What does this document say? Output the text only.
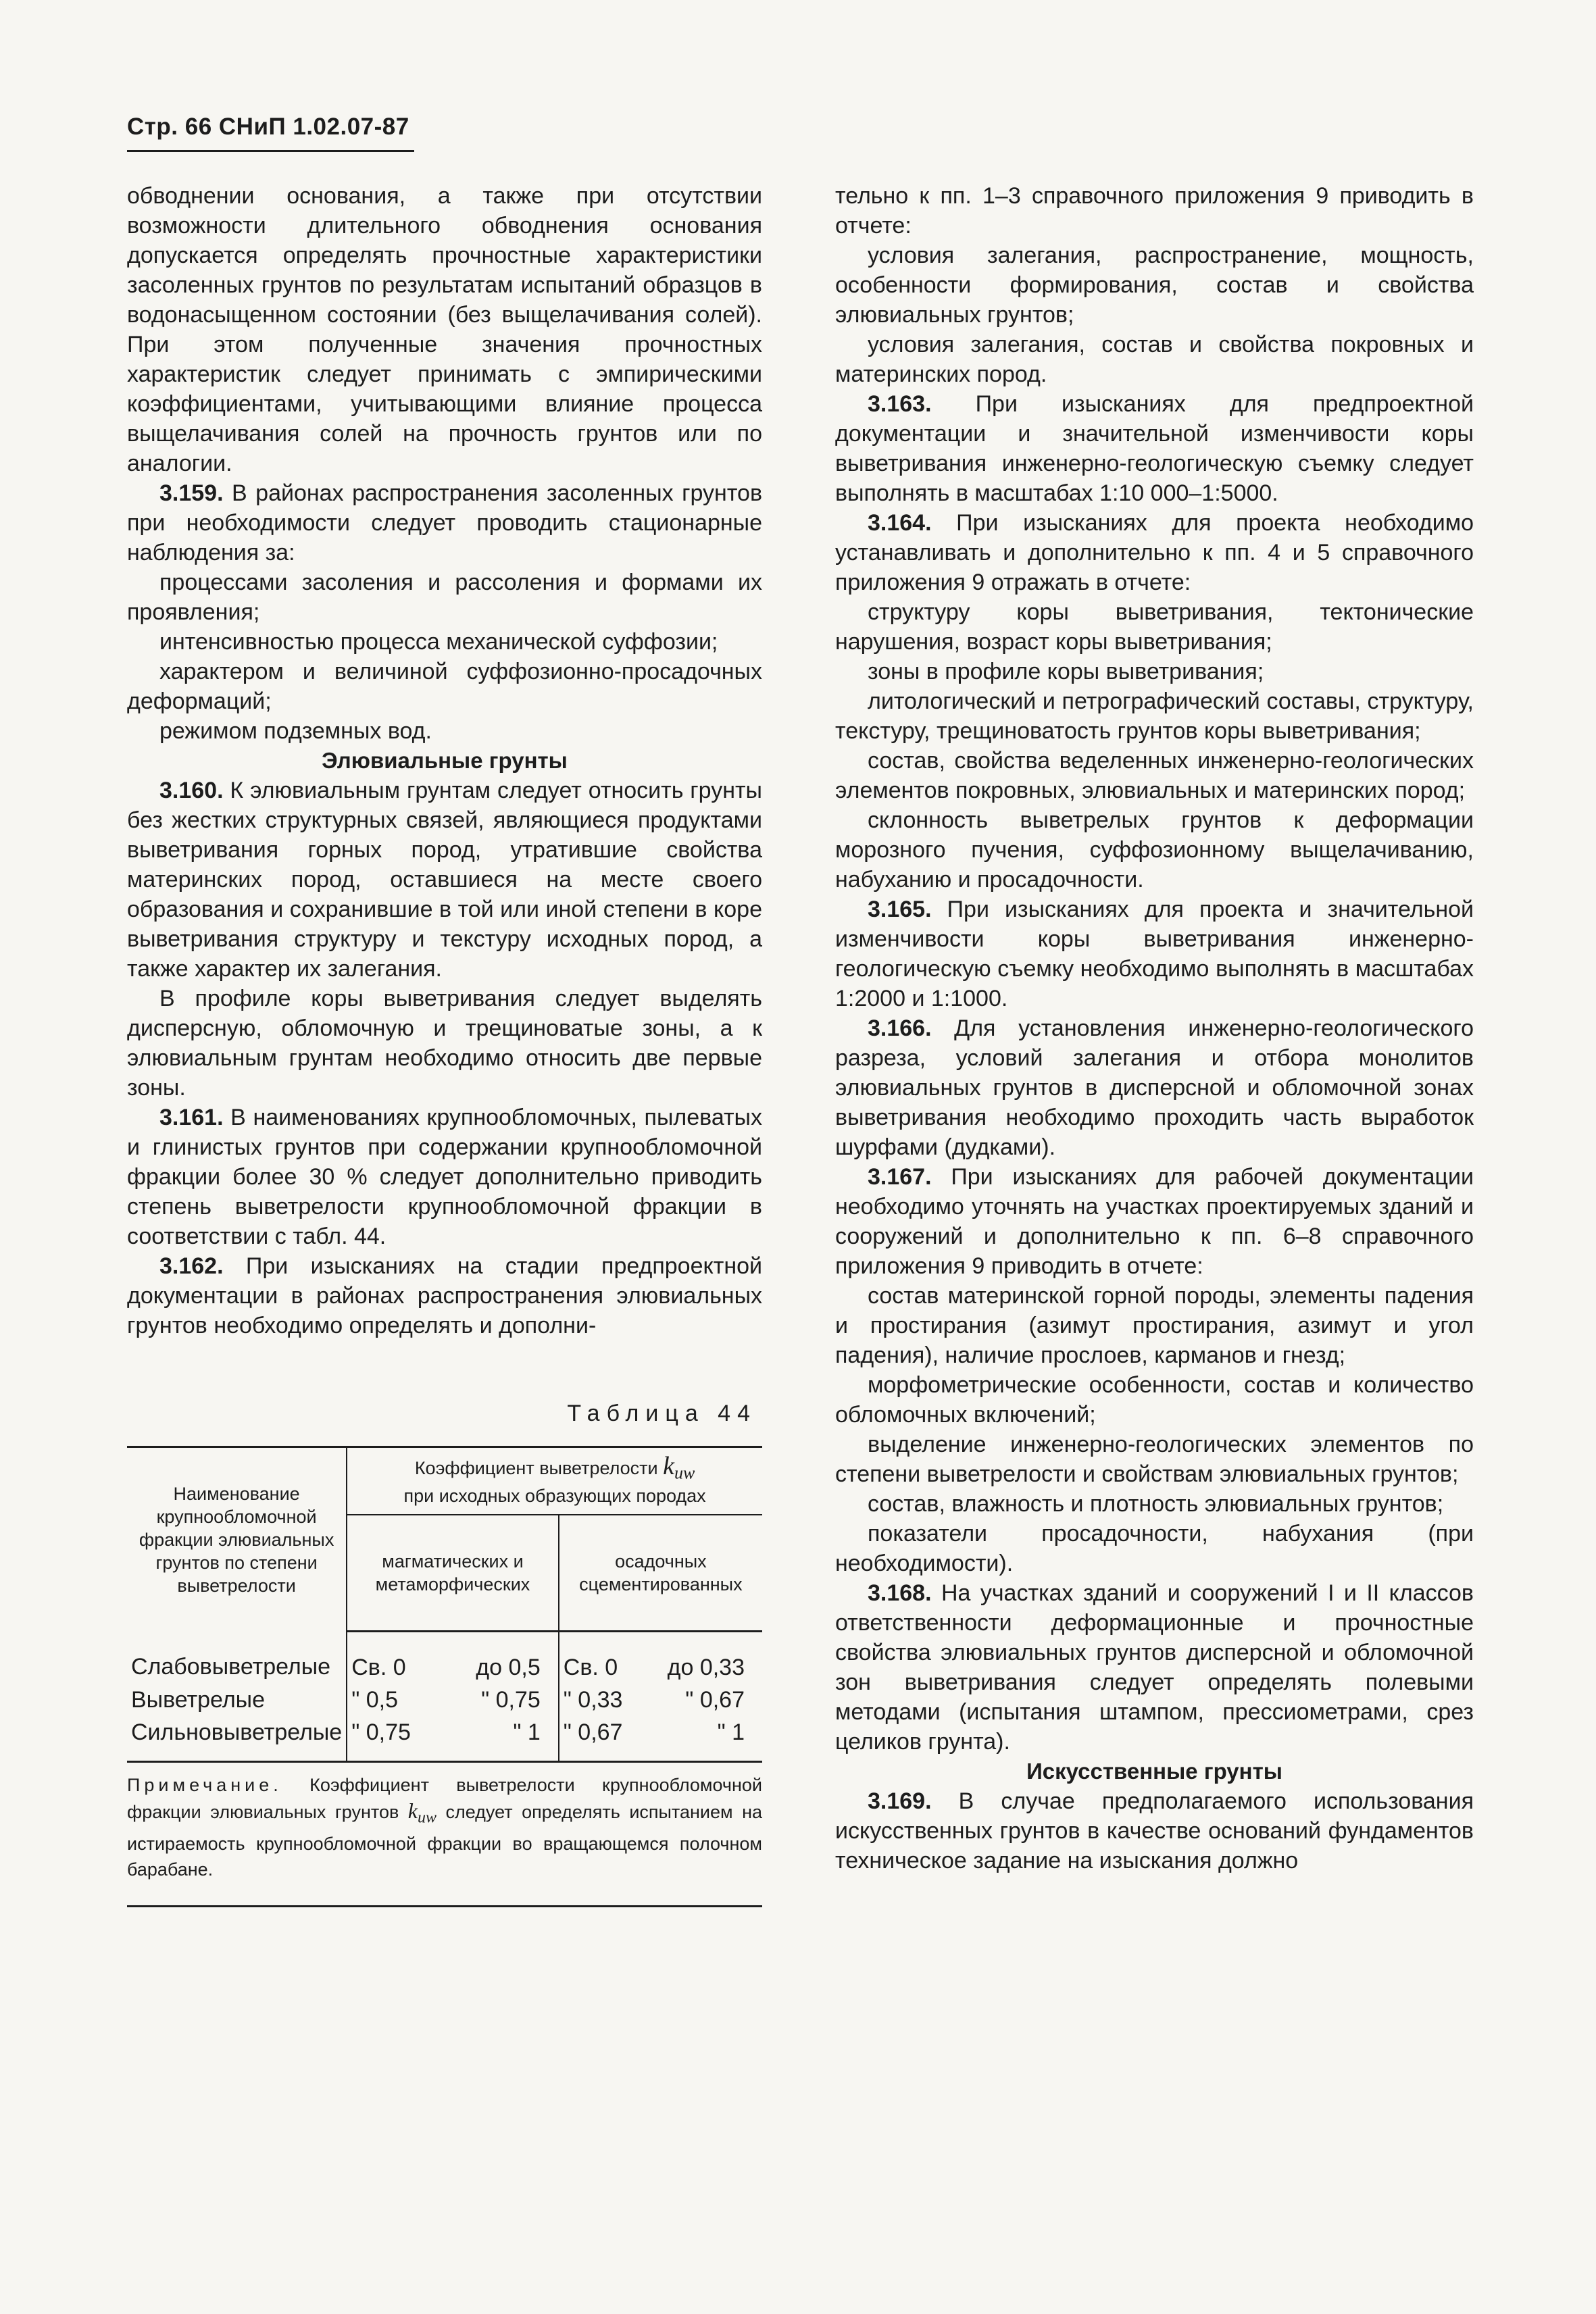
Стр. 66 СНиП 1.02.07-87

обводнении основания, а также при отсутствии возможности длительного обводнения основания допускается определять прочностные характеристики засоленных грунтов по результатам испытаний образцов в водонасыщенном состоянии (без выщелачивания солей). При этом полученные значения прочностных характеристик следует принимать с эмпирическими коэффициентами, учитывающими влияние процесса выщелачивания солей на прочность грунтов или по аналогии.

3.159. В районах распространения засоленных грунтов при необходимости следует проводить стационарные наблюдения за:

процессами засоления и рассоления и формами их проявления;

интенсивностью процесса механической суффозии;

характером и величиной суффозионно-просадочных деформаций;

режимом подземных вод.

Элювиальные грунты

3.160. К элювиальным грунтам следует относить грунты без жестких структурных связей, являющиеся продуктами выветривания горных пород, утратившие свойства материнских пород, оставшиеся на месте своего образования и сохранившие в той или иной степени в коре выветривания структуру и текстуру исходных пород, а также характер их залегания.

В профиле коры выветривания следует выделять дисперсную, обломочную и трещиноватые зоны, а к элювиальным грунтам необходимо относить две первые зоны.

3.161. В наименованиях крупнообломочных, пылеватых и глинистых грунтов при содержании крупнообломочной фракции более 30 % следует дополнительно приводить степень выветрелости крупнообломочной фракции в соответствии с табл. 44.

3.162. При изысканиях на стадии предпроектной документации в районах распространения элювиальных грунтов необходимо определять и дополни-

Таблица 44
Наименование крупнообломочной фракции элювиальных грунтов по степени выветрелости	Коэффициент выветрелости $k_{uw}$
при исходных образующих породах	
	магматических и метаморфических	осадочных сцементированных
Слабовыветрелые	Св. 0 до 0,5	Св. 0 до 0,33

Выветрелые	" 0,5 " 0,75	" 0,33 " 0,67

Сильновыветрелые	" 0,75 " 1	" 0,67 " 1
Примечание. Коэффициент выветрелости крупнообломочной фракции элювиальных грунтов $k_{uw}$ следует определять испытанием на истираемость крупнообломочной фракции во вращающемся полочном барабане.

тельно к пп. 1–3 справочного приложения 9 приводить в отчете:

условия залегания, распространение, мощность, особенности формирования, состав и свойства элювиальных грунтов;

условия залегания, состав и свойства покровных и материнских пород.

3.163. При изысканиях для предпроектной документации и значительной изменчивости коры выветривания инженерно-геологическую съемку следует выполнять в масштабах 1:10 000–1:5000.

3.164. При изысканиях для проекта необходимо устанавливать и дополнительно к пп. 4 и 5 справочного приложения 9 отражать в отчете:

структуру коры выветривания, тектонические нарушения, возраст коры выветривания;

зоны в профиле коры выветривания;

литологический и петрографический составы, структуру, текстуру, трещиноватость грунтов коры выветривания;

состав, свойства веделенных инженерно-геологических элементов покровных, элювиальных и материнских пород;

склонность выветрелых грунтов к деформации морозного пучения, суффозионному выщелачиванию, набуханию и просадочности.

3.165. При изысканиях для проекта и значительной изменчивости коры выветривания инженерно-геологическую съемку необходимо выполнять в масштабах 1:2000 и 1:1000.

3.166. Для установления инженерно-геологического разреза, условий залегания и отбора монолитов элювиальных грунтов в дисперсной и обломочной зонах выветривания необходимо проходить часть выработок шурфами (дудками).

3.167. При изысканиях для рабочей документации необходимо уточнять на участках проектируемых зданий и сооружений и дополнительно к пп. 6–8 справочного приложения 9 приводить в отчете:

состав материнской горной породы, элементы падения и простирания (азимут простирания, азимут и угол падения), наличие прослоев, карманов и гнезд;

морфометрические особенности, состав и количество обломочных включений;

выделение инженерно-геологических элементов по степени выветрелости и свойствам элювиальных грунтов;

состав, влажность и плотность элювиальных грунтов;

показатели просадочности, набухания (при необходимости).

3.168. На участках зданий и сооружений I и II классов ответственности деформационные и прочностные свойства элювиальных грунтов дисперсной и обломочной зон выветривания следует определять полевыми методами (испытания штампом, прессиометрами, срез целиков грунта).

Искусственные грунты

3.169. В случае предполагаемого использования искусственных грунтов в качестве оснований фундаментов техническое задание на изыскания должно
